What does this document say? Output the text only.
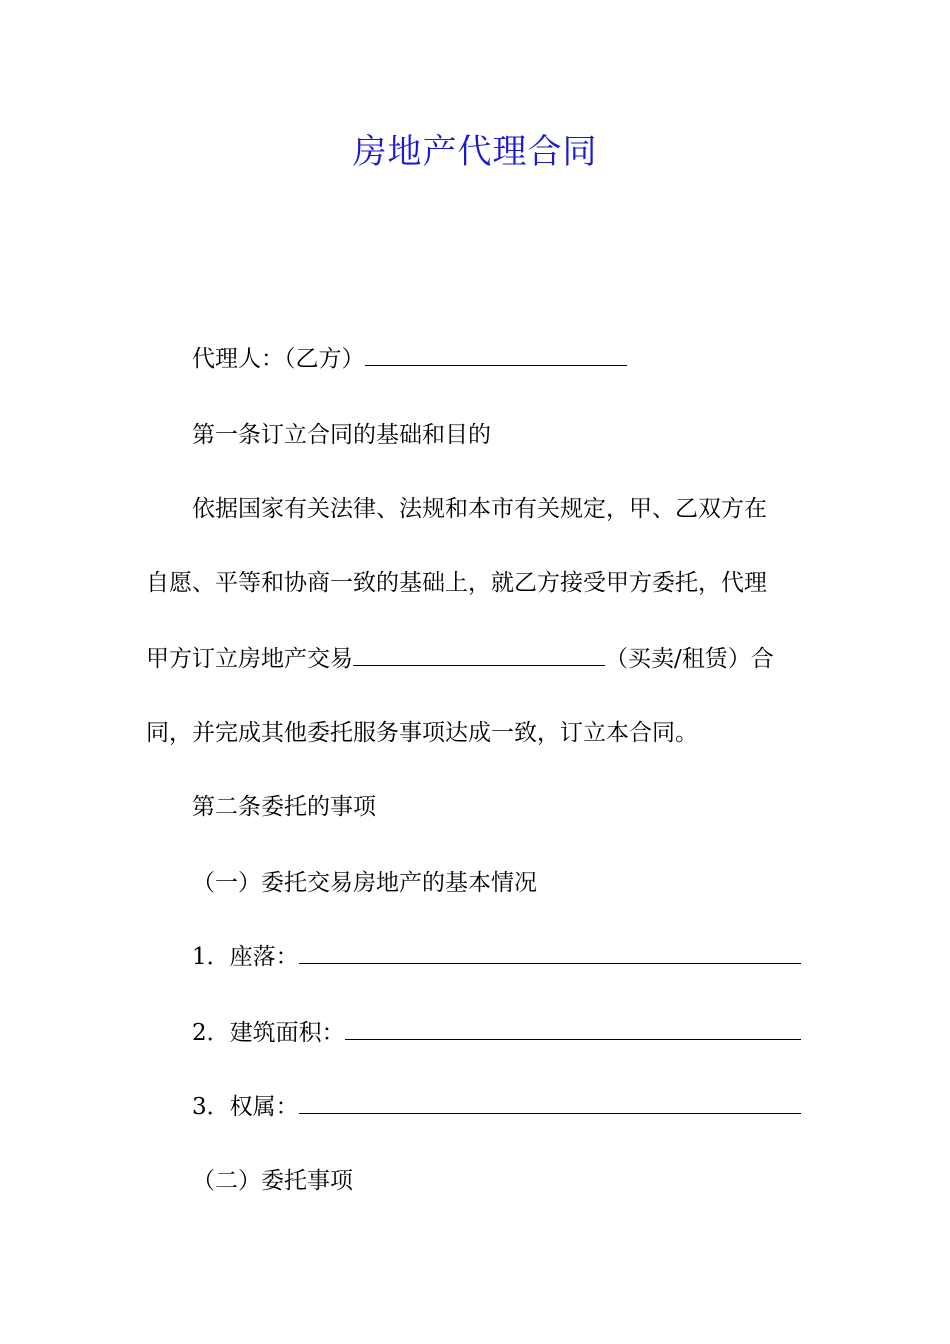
房地产代理合同
代理人：（乙方）
第一条订立合同的基础和目的
依据国家有关法律、法规和本市有关规定，甲、乙双方在
自愿、平等和协商一致的基础上，就乙方接受甲方委托，代理
甲方订立房地产交易	（买卖/租赁）合
同，并完成其他委托服务事项达成一致，订立本合同。
第二条委托的事项
（一）委托交易房地产的基本情况
1．座落：
2．建筑面积：
3．权属：
（二）委托事项
